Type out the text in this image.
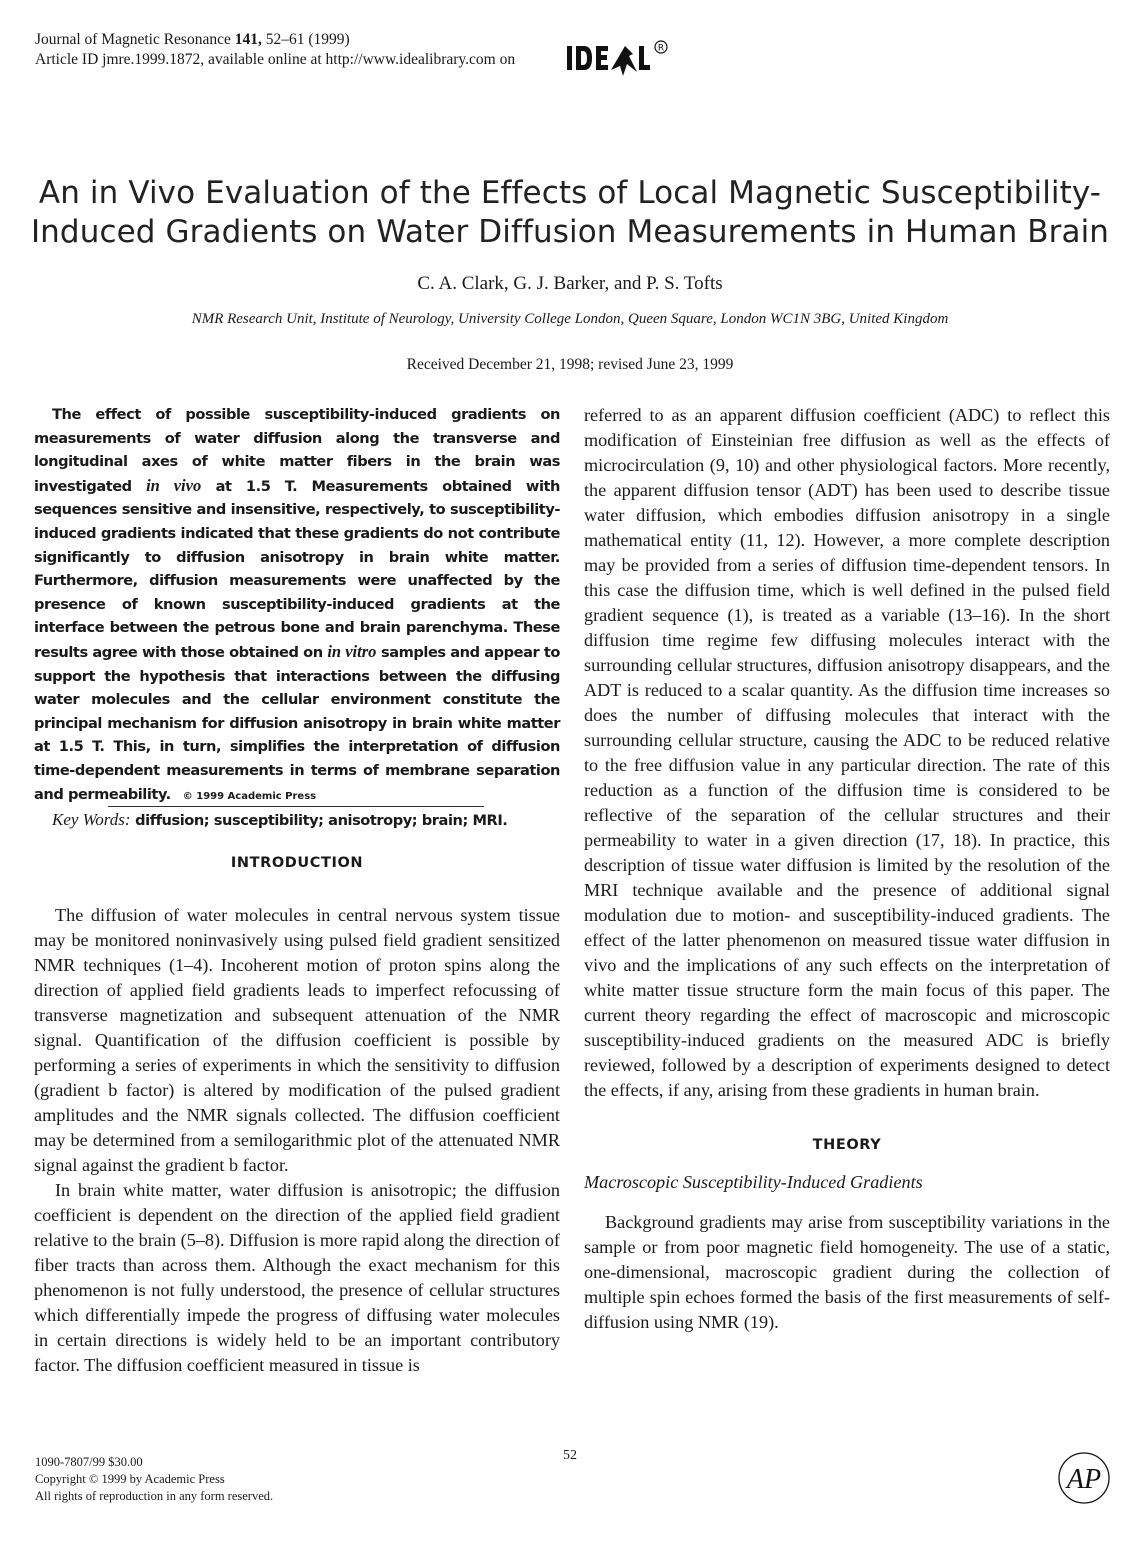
Journal of Magnetic Resonance 141, 52–61 (1999)
Article ID jmre.1999.1872, available online at http://www.idealibrary.com on
R
An in Vivo Evaluation of the Effects of Local Magnetic Susceptibility-
Induced Gradients on Water Diffusion Measurements in Human Brain
C. A. Clark, G. J. Barker, and P. S. Tofts
NMR Research Unit, Institute of Neurology, University College London, Queen Square, London WC1N 3BG, United Kingdom
Received December 21, 1998; revised June 23, 1999

The effect of possible susceptibility-induced gradients on measurements of water diffusion along the transverse and longitudinal axes of white matter fibers in the brain was investigated in vivo at 1.5 T. Measurements obtained with sequences sensitive and insensitive, respectively, to susceptibility-induced gradients indicated that these gradients do not contribute significantly to diffusion anisotropy in brain white matter. Furthermore, diffusion measurements were unaffected by the presence of known susceptibility-induced gradients at the interface between the petrous bone and brain parenchyma. These results agree with those obtained on in vitro samples and appear to support the hypothesis that interactions between the diffusing water molecules and the cellular environment constitute the principal mechanism for diffusion anisotropy in brain white matter at 1.5 T. This, in turn, simplifies the interpretation of diffusion time-dependent measurements in terms of membrane separation and permeability. © 1999 Academic Press

Key Words: diffusion; susceptibility; anisotropy; brain; MRI.

INTRODUCTION

The diffusion of water molecules in central nervous system tissue may be monitored noninvasively using pulsed field gradient sensitized NMR techniques (1–4). Incoherent motion of proton spins along the direction of applied field gradients leads to imperfect refocussing of transverse magnetization and subsequent attenuation of the NMR signal. Quantification of the diffusion coefficient is possible by performing a series of experiments in which the sensitivity to diffusion (gradient b factor) is altered by modification of the pulsed gradient amplitudes and the NMR signals collected. The diffusion coefficient may be determined from a semilogarithmic plot of the attenuated NMR signal against the gradient b factor.

In brain white matter, water diffusion is anisotropic; the diffusion coefficient is dependent on the direction of the applied field gradient relative to the brain (5–8). Diffusion is more rapid along the direction of fiber tracts than across them. Although the exact mechanism for this phenomenon is not fully understood, the presence of cellular structures which differentially impede the progress of diffusing water molecules in certain directions is widely held to be an important contributory factor. The diffusion coefficient measured in tissue is

referred to as an apparent diffusion coefficient (ADC) to reflect this modification of Einsteinian free diffusion as well as the effects of microcirculation (9, 10) and other physiological factors. More recently, the apparent diffusion tensor (ADT) has been used to describe tissue water diffusion, which embodies diffusion anisotropy in a single mathematical entity (11, 12). However, a more complete description may be provided from a series of diffusion time-dependent tensors. In this case the diffusion time, which is well defined in the pulsed field gradient sequence (1), is treated as a variable (13–16). In the short diffusion time regime few diffusing molecules interact with the surrounding cellular structures, diffusion anisotropy disappears, and the ADT is reduced to a scalar quantity. As the diffusion time increases so does the number of diffusing molecules that interact with the surrounding cellular structure, causing the ADC to be reduced relative to the free diffusion value in any particular direction. The rate of this reduction as a function of the diffusion time is considered to be reflective of the separation of the cellular structures and their permeability to water in a given direction (17, 18). In practice, this description of tissue water diffusion is limited by the resolution of the MRI technique available and the presence of additional signal modulation due to motion- and susceptibility-induced gradients. The effect of the latter phenomenon on measured tissue water diffusion in vivo and the implications of any such effects on the interpretation of white matter tissue structure form the main focus of this paper. The current theory regarding the effect of macroscopic and microscopic susceptibility-induced gradients on the measured ADC is briefly reviewed, followed by a description of experiments designed to detect the effects, if any, arising from these gradients in human brain.

THEORY
Macroscopic Susceptibility-Induced Gradients

Background gradients may arise from susceptibility variations in the sample or from poor magnetic field homogeneity. The use of a static, one-dimensional, macroscopic gradient during the collection of multiple spin echoes formed the basis of the first measurements of self-diffusion using NMR (19).

1090-7807/99 $30.00
Copyright © 1999 by Academic Press
All rights of reproduction in any form reserved.
52
AP
